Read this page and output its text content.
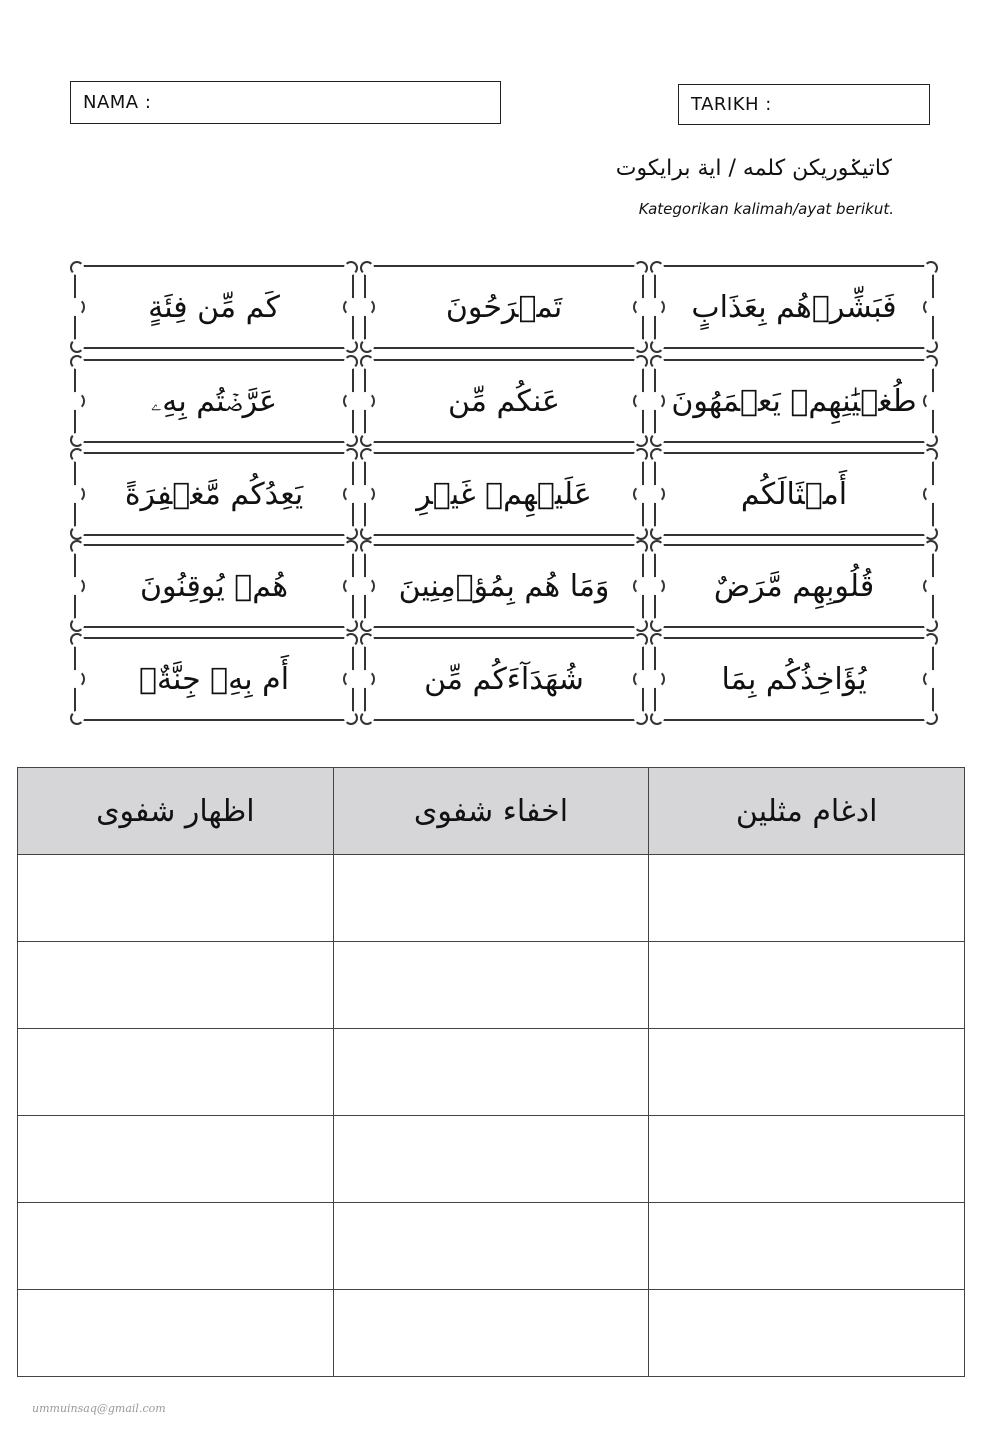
NAMA :	TARIKH :
كاتيݢوريکن كلمه / اية برايكوت
Kategorikan kalimah/ayat berikut.
فَبَشِّرۡهُم بِعَذَابٍ
تَمۡرَحُونَ
كَم مِّن فِئَةٍ
طُغۡيَٰنِهِمۡ يَعۡمَهُونَ
عَنكُم مِّن
عَرَّضۡتُم بِهِۦ
أَمۡثَالَكُم
عَلَيۡهِمۡ غَيۡرِ
يَعِدُكُم مَّغۡفِرَةً
قُلُوبِهِم مَّرَضٌ
وَمَا هُم بِمُؤۡمِنِينَ
هُمۡ يُوقِنُونَ
يُؤَاخِذُكُم بِمَا
شُهَدَآءَكُم مِّن
أَم بِهِۦ جِنَّةٌۗ
اظهار شفوى	اخفاء شفوى	ادغام مثلين

ummuinsaq@gmail.com
